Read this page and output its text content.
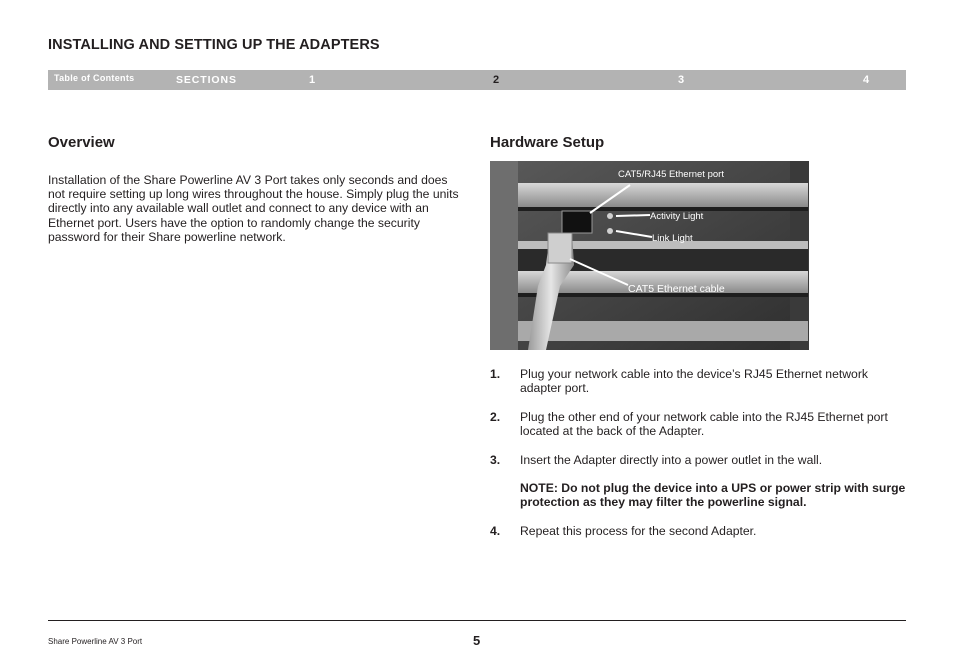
INSTALLING AND SETTING UP THE ADAPTERS
Table of Contents	SECTIONS	1	2	3	4
Overview

Installation of the Share Powerline AV 3 Port takes only seconds and does not require setting up long wires throughout the house. Simply plug the units directly into any available wall outlet and connect to any device with an Ethernet port. Users have the option to randomly change the security password for their Share powerline network.

Hardware Setup
CAT5/RJ45 Ethernet port
Activity Light
Link Light
CAT5 Ethernet cable
1. Plug your network cable into the device’s RJ45 Ethernet network adapter port.

2. Plug the other end of your network cable into the RJ45 Ethernet port located at the back of the Adapter.

3. Insert the Adapter directly into a power outlet in the wall.

NOTE: Do not plug the device into a UPS or power strip with surge protection as they may filter the powerline signal.

4. Repeat this process for the second Adapter.

Share Powerline AV 3 Port	5
